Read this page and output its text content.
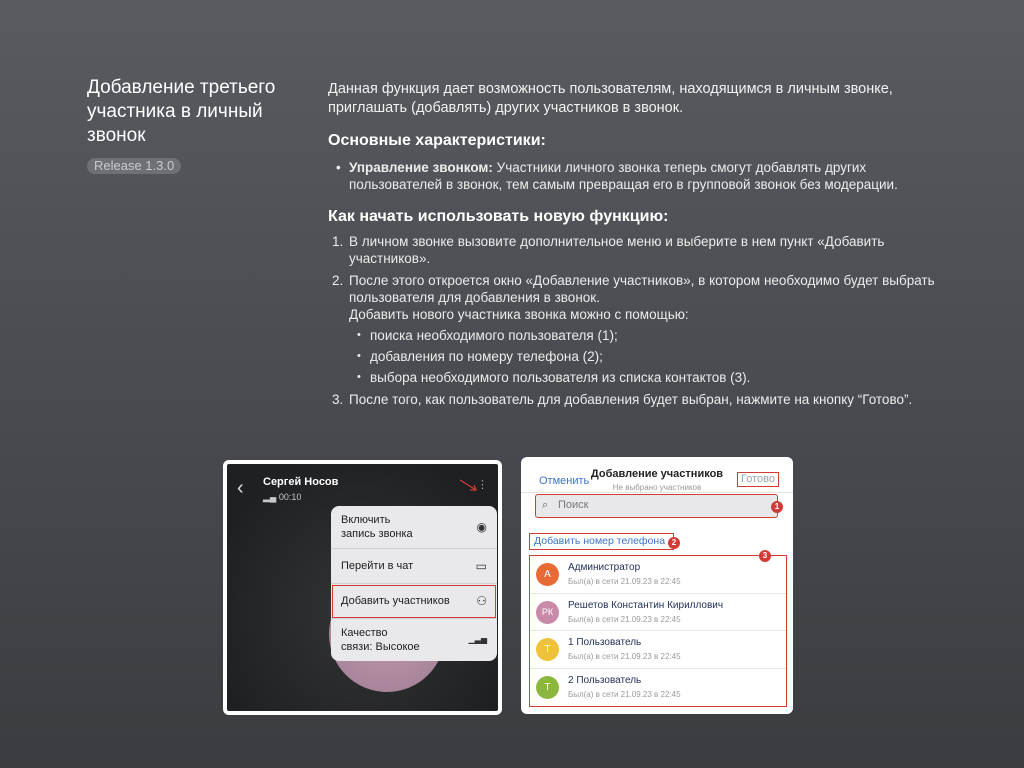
Добавление третьего участника в личный звонок
Release 1.3.0

Данная функция дает возможность пользователям, находящимся в личным звонке, приглашать (добавлять) других участников в звонок.

Основные характеристики:
• Управление звонком: Участники личного звонка теперь смогут добавлять других пользователей в звонок, тем самым превращая его в групповой звонок без модерации.
Как начать использовать новую функцию:
1. В личном звонке вызовите дополнительное меню и выберите в нем пункт «Добавить участников».
2. После этого откроется окно «Добавление участников», в котором необходимо будет выбрать пользователя для добавления в звонок.
Добавить нового участника звонка можно с помощью:
• поиска необходимого пользователя (1);
• добавления по номеру телефона (2);
• выбора необходимого пользователя из списка контактов (3).
3. После того, как пользователь для добавления будет выбран, нажмите на кнопку “Готово”.
‹ Сергей Носов
▂▄ 00:10
⋮
Включить
запись звонка	◉
Перейти в чат	▭
Добавить участников ⚇
Качество
связи: Высокое
▁▃▅
Отменить
Добавление участников
Не выбрано участников
Готово
⌕ Поиск	1
Добавить номер телефона 2
А
Администратор
Был(а) в сети 21.09.23 в 22:45
РК
Решетов Константин Кириллович
Был(а) в сети 21.09.23 в 22:45
Т
1 Пользователь
Был(а) в сети 21.09.23 в 22:45
Т
2 Пользователь
Был(а) в сети 21.09.23 в 22:45
3
